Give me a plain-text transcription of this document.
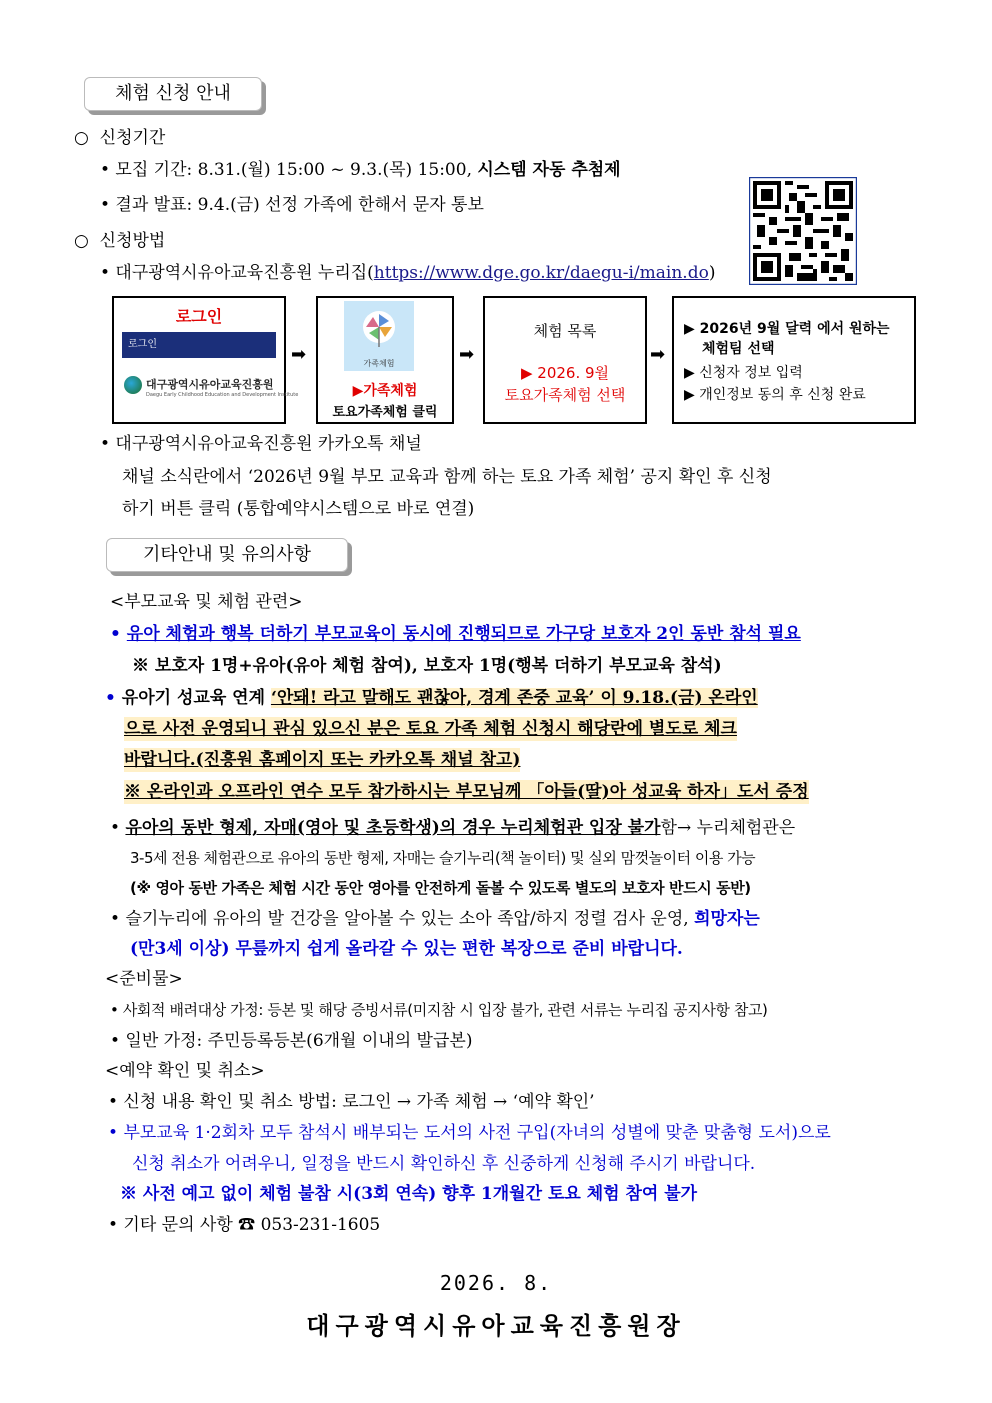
체험 신청 안내
○ 신청기간
• 모집 기간: 8.31.(월) 15:00 ~ 9.3.(목) 15:00, 시스템 자동 추첨제
• 결과 발표: 9.4.(금) 선정 가족에 한해서 문자 통보
○ 신청방법
• 대구광역시유아교육진흥원 누리집(https://www.dge.go.kr/daegu-i/main.do)
로그인
로그인
대구광역시유아교육진흥원
Daegu Early Childhood Education and Development Institute
➡	가족체험
▶가족체험
토요가족체험 클릭
➡
체험 목록
▶ 2026. 9월
토요가족체험 선택
➡
▶ 2026년 9월 달력 에서 원하는
체험팀 선택
▶ 신청자 정보 입력
▶ 개인정보 동의 후 신청 완료
• 대구광역시유아교육진흥원 카카오톡 채널
채널 소식란에서 ‘2026년 9월 부모 교육과 함께 하는 토요 가족 체험’ 공지 확인 후 신청
하기 버튼 클릭 (통합예약시스템으로 바로 연결)
기타안내 및 유의사항
<부모교육 및 체험 관련>
• 유아 체험과 행복 더하기 부모교육이 동시에 진행되므로 가구당 보호자 2인 동반 참석 필요
※ 보호자 1명+유아(유아 체험 참여), 보호자 1명(행복 더하기 부모교육 참석)
• 유아기 성교육 연계 ‘안돼! 라고 말해도 괜찮아, 경계 존중 교육’ 이 9.18.(금) 온라인
으로 사전 운영되니 관심 있으신 분은 토요 가족 체험 신청시 해당란에 별도로 체크
바랍니다.(진흥원 홈페이지 또는 카카오톡 채널 참고)
※ 온라인과 오프라인 연수 모두 참가하시는 부모님께 「아들(딸)아 성교육 하자」도서 증정
• 유아의 동반 형제, 자매(영아 및 초등학생)의 경우 누리체험관 입장 불가함→ 누리체험관은
3-5세 전용 체험관으로 유아의 동반 형제, 자매는 슬기누리(책 놀이터) 및 실외 맘껏놀이터 이용 가능
(※ 영아 동반 가족은 체험 시간 동안 영아를 안전하게 돌볼 수 있도록 별도의 보호자 반드시 동반)
• 슬기누리에 유아의 발 건강을 알아볼 수 있는 소아 족압/하지 정렬 검사 운영, 희망자는
(만3세 이상) 무릎까지 쉽게 올라갈 수 있는 편한 복장으로 준비 바랍니다.
<준비물>
• 사회적 배려대상 가정: 등본 및 해당 증빙서류(미지참 시 입장 불가, 관련 서류는 누리집 공지사항 참고)
• 일반 가정: 주민등록등본(6개월 이내의 발급본)
<예약 확인 및 취소>
• 신청 내용 확인 및 취소 방법: 로그인 → 가족 체험 → ‘예약 확인’
• 부모교육 1·2회차 모두 참석시 배부되는 도서의 사전 구입(자녀의 성별에 맞춘 맞춤형 도서)으로
신청 취소가 어려우니, 일정을 반드시 확인하신 후 신중하게 신청해 주시기 바랍니다.
※ 사전 예고 없이 체험 불참 시(3회 연속) 향후 1개월간 토요 체험 참여 불가
• 기타 문의 사항 ☎ 053-231-1605
2026. 8.
대구광역시유아교육진흥원장
